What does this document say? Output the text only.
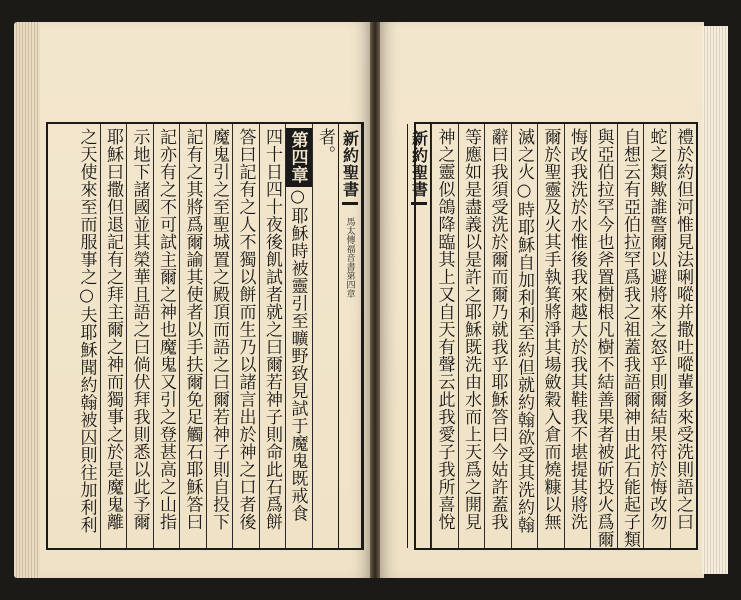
新約聖書
馬太傳福音書第四章
者。
第四章○耶穌時被靈引至曠野致見試于魔鬼既戒食
四十日四十夜後飢試者就之曰爾若神子則命此石爲餅
答曰記有之人不獨以餅而生乃以諸言出於神之口者後
魔鬼引之至聖城置之殿頂而語之曰爾若神子則自投下
記有之其將爲爾諭其使者以手扶爾免足觸石耶穌答曰
記亦有之不可試主爾之神也魔鬼又引之登甚高之山指
示地下諸國並其榮華且語之曰倘伏拜我則悉以此予爾
耶穌曰撒但退記有之拜主爾之神而獨事之於是魔鬼離
之天使來至而服事之○夫耶穌聞約翰被囚則往加利利	禮於約但河惟見法唎㗰并撒吐㗰輩多來受洗則語之曰
蛇之類歟誰警爾以避將來之怒乎則爾結果符於悔改勿
自想云有亞伯拉罕爲我之祖蓋我語爾神由此石能起子類
與亞伯拉罕今也斧置樹根凡樹不結善果者被斫投火爲爾
悔改我洗於水惟後我來越大於我其鞋我不堪提其將洗
爾於聖靈及火其手執箕將淨其場斂穀入倉而燒糠以無
滅之火○時耶穌自加利利至約但就約翰欲受其洗約翰
辭曰我須受洗於爾而爾乃就我乎耶穌答曰今姑許蓋我
等應如是盡義以是許之耶穌既洗由水而上天爲之開見
神之靈似鴿降臨其上又自天有聲云此我愛子我所喜悅
新約聖書
